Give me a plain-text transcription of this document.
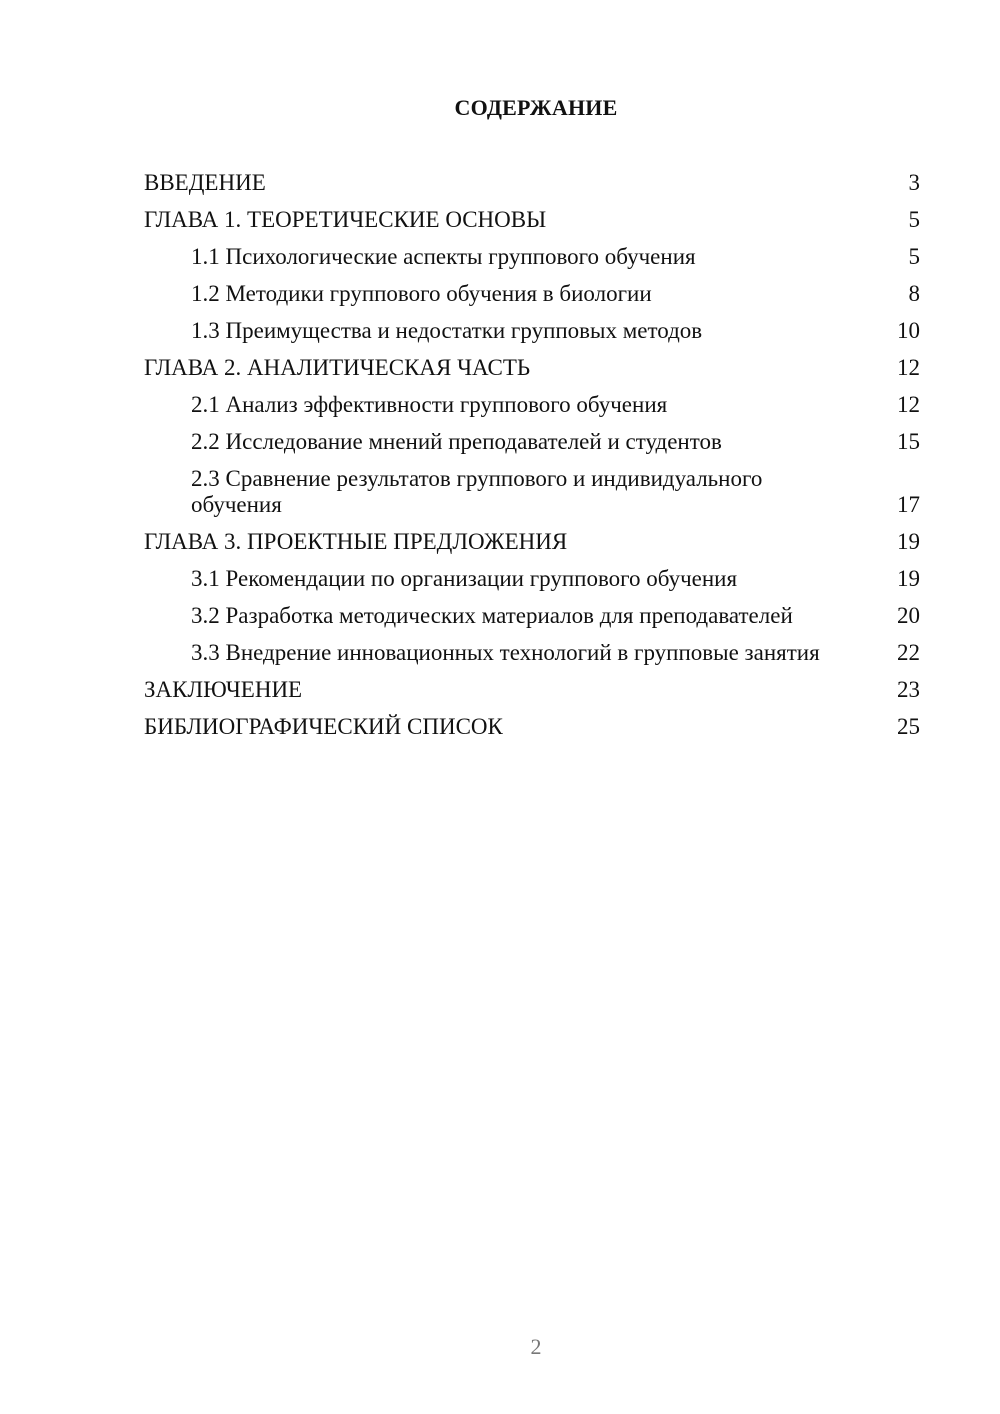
СОДЕРЖАНИЕ
ВВЕДЕНИЕ	3
ГЛАВА 1. ТЕОРЕТИЧЕСКИЕ ОСНОВЫ	5
1.1 Психологические аспекты группового обучения	5
1.2 Методики группового обучения в биологии	8
1.3 Преимущества и недостатки групповых методов	10
ГЛАВА 2. АНАЛИТИЧЕСКАЯ ЧАСТЬ	12
2.1 Анализ эффективности группового обучения	12
2.2 Исследование мнений преподавателей и студентов	15
2.3 Сравнение результатов группового и индивидуального обучения	17
ГЛАВА 3. ПРОЕКТНЫЕ ПРЕДЛОЖЕНИЯ	19
3.1 Рекомендации по организации группового обучения	19
3.2 Разработка методических материалов для преподавателей	20
3.3 Внедрение инновационных технологий в групповые занятия	22
ЗАКЛЮЧЕНИЕ	23
БИБЛИОГРАФИЧЕСКИЙ СПИСОК	25
2
